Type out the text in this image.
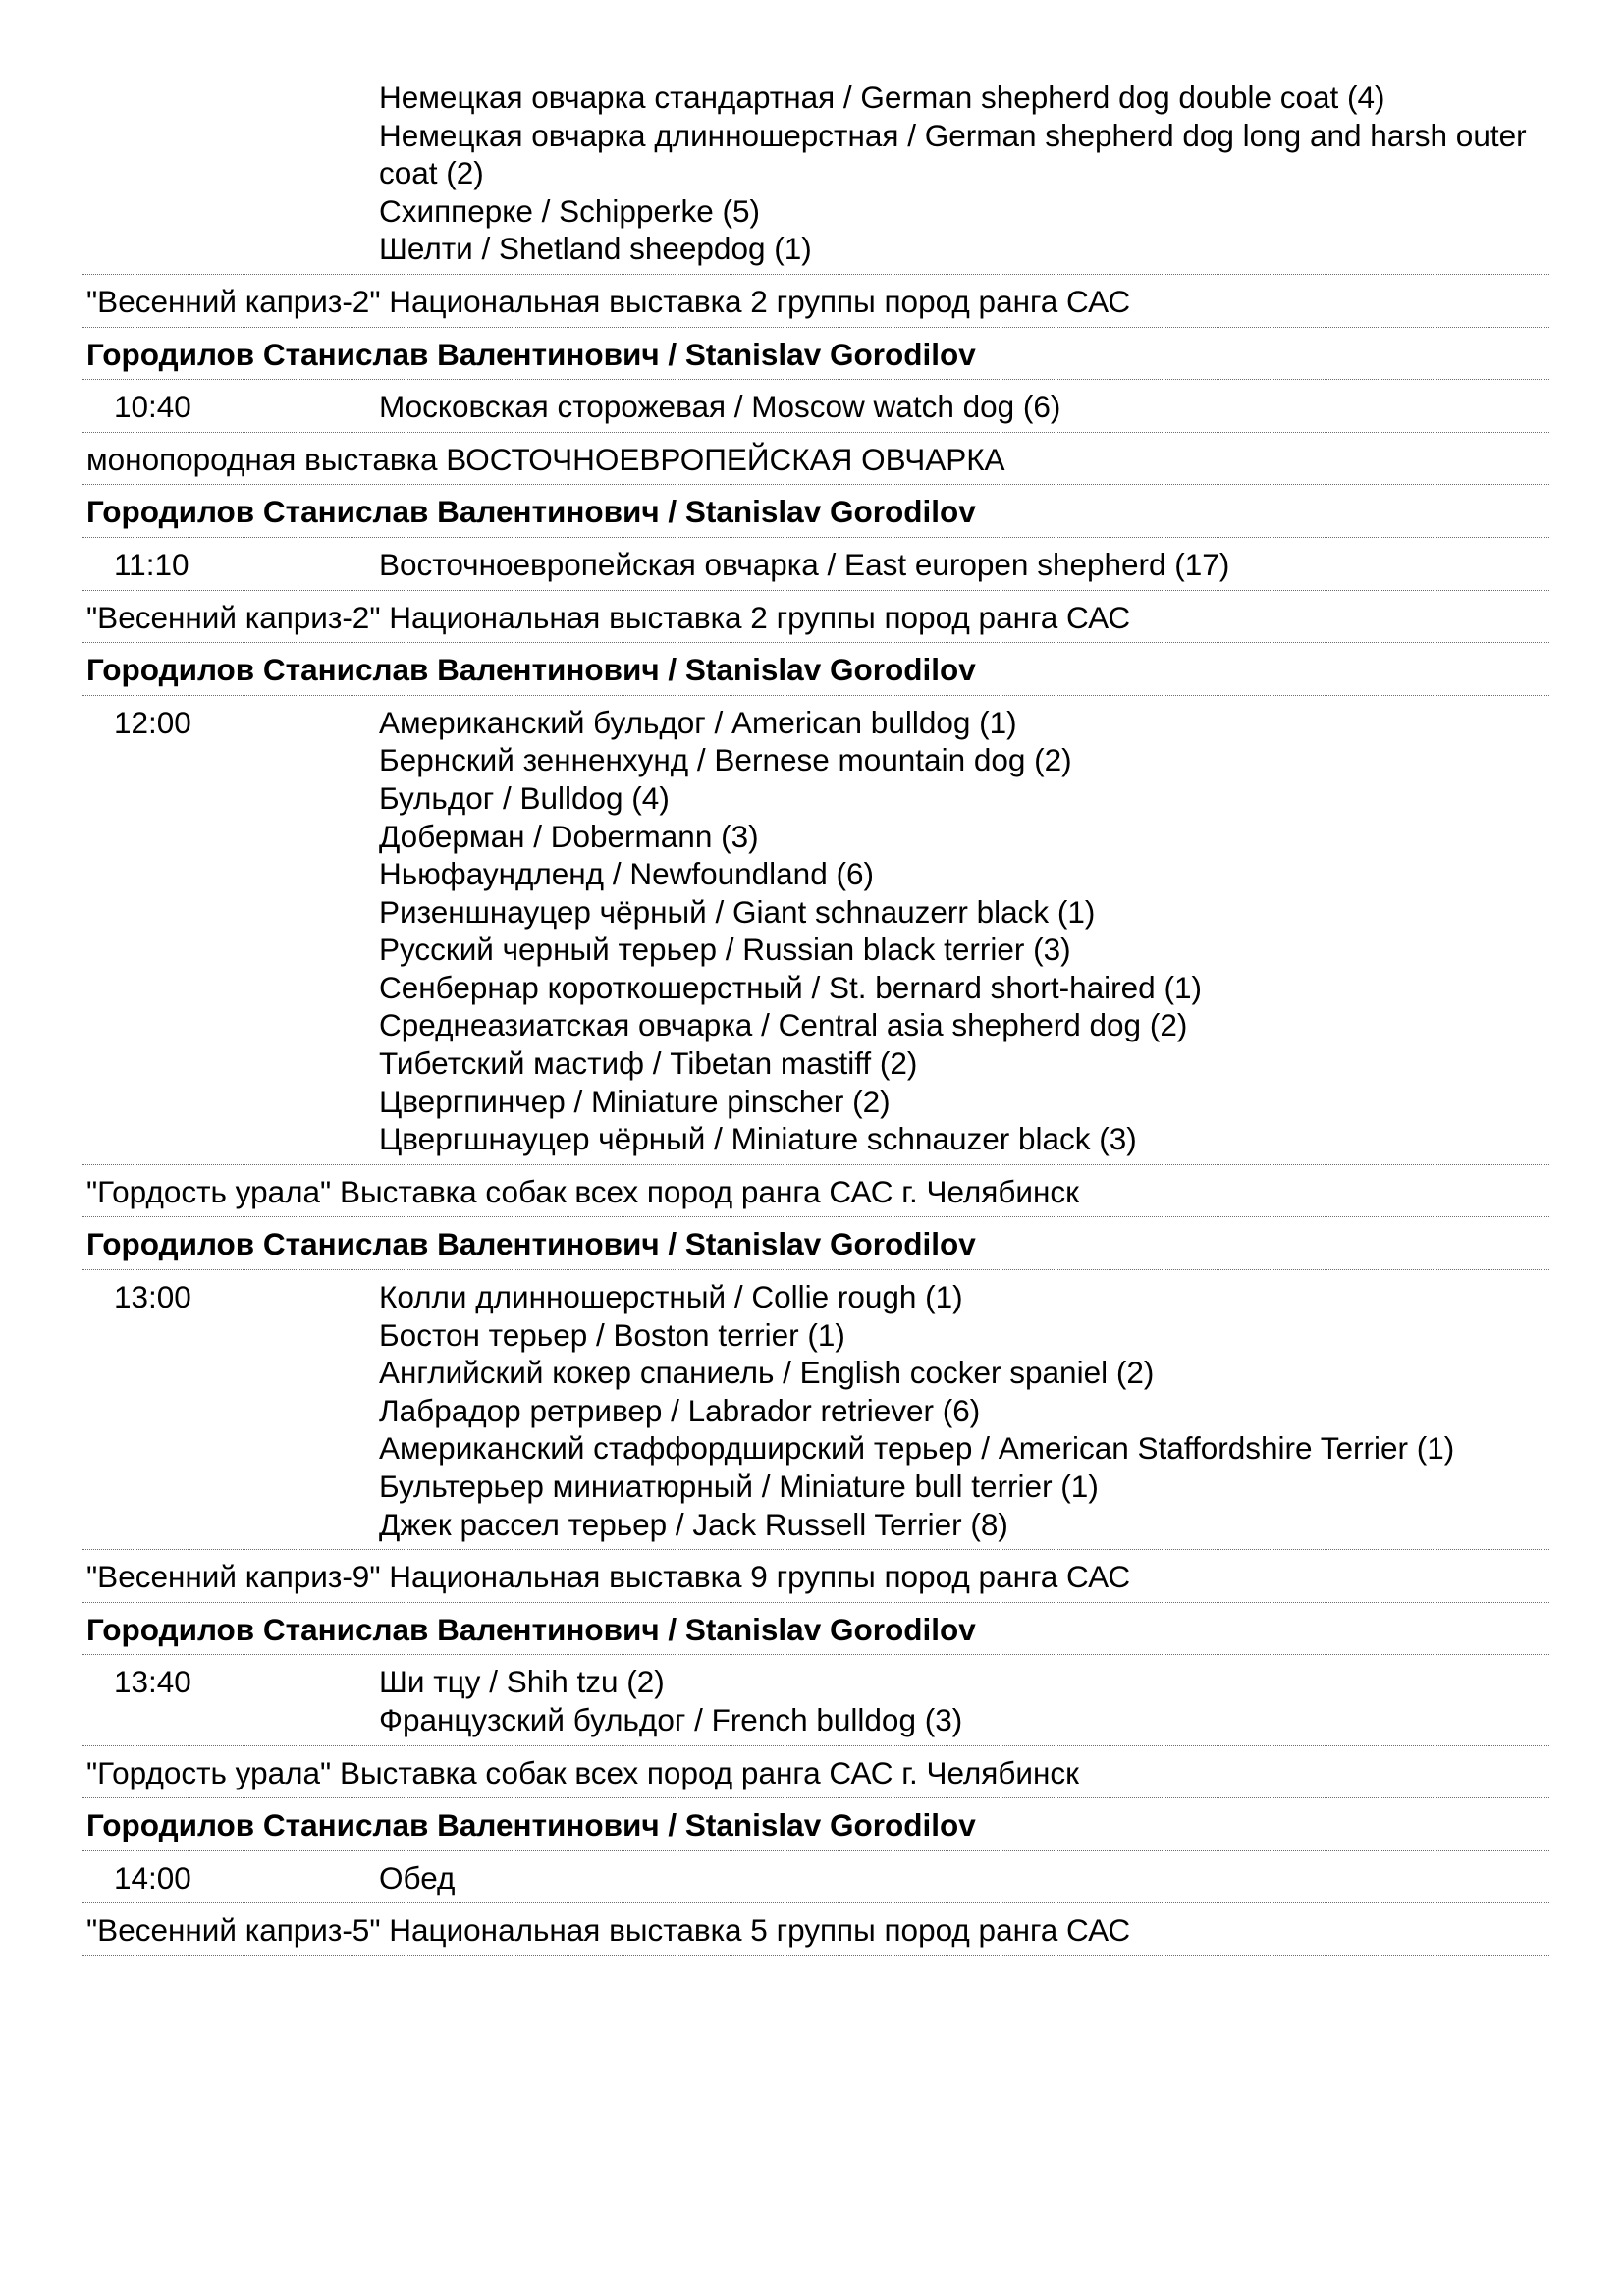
Немецкая овчарка стандартная / German shepherd dog double coat (4)
Немецкая овчарка длинношерстная / German shepherd dog long and harsh outer coat (2)
Схипперке / Schipperke (5)
Шелти / Shetland sheepdog (1)
"Весенний каприз-2" Национальная выставка 2 группы пород ранга САС
Городилов Станислав Валентинович / Stanislav Gorodilov
10:40	Московская сторожевая / Moscow watch dog (6)
монопородная выставка ВОСТОЧНОЕВРОПЕЙСКАЯ ОВЧАРКА
Городилов Станислав Валентинович / Stanislav Gorodilov
11:10	Восточноевропейская овчарка / East europen shepherd (17)
"Весенний каприз-2" Национальная выставка 2 группы пород ранга САС
Городилов Станислав Валентинович / Stanislav Gorodilov
12:00	Американский бульдог / American bulldog (1)
Бернский зенненхунд / Bernese mountain dog (2)
Бульдог / Bulldog (4)
Доберман / Dobermann (3)
Ньюфаундленд / Newfoundland (6)
Ризеншнауцер чёрный / Giant schnauzerr black (1)
Русский черный терьер / Russian black terrier (3)
Сенбернар короткошерстный / St. bernard short-haired (1)
Среднеазиатская овчарка / Central asia shepherd dog (2)
Тибетский мастиф / Tibetan mastiff (2)
Цвергпинчер / Miniature pinscher (2)
Цвергшнауцер чёрный / Miniature schnauzer black (3)
"Гордость урала" Выставка собак всех пород ранга САС г. Челябинск
Городилов Станислав Валентинович / Stanislav Gorodilov
13:00	Колли длинношерстный / Collie rough (1)
Бостон терьер / Boston terrier (1)
Английский кокер спаниель / English cocker spaniel (2)
Лабрадор ретривер / Labrador retriever (6)
Американский стаффордширский терьер / American Staffordshire Terrier (1)
Бультерьер миниатюрный / Miniature bull terrier (1)
Джек рассел терьер / Jack Russell Terrier (8)
"Весенний каприз-9" Национальная выставка 9 группы пород ранга САС
Городилов Станислав Валентинович / Stanislav Gorodilov
13:40	Ши тцу / Shih tzu (2)
Французский бульдог / French bulldog (3)
"Гордость урала" Выставка собак всех пород ранга САС г. Челябинск
Городилов Станислав Валентинович / Stanislav Gorodilov
14:00	Обед
"Весенний каприз-5" Национальная выставка 5 группы пород ранга САС
